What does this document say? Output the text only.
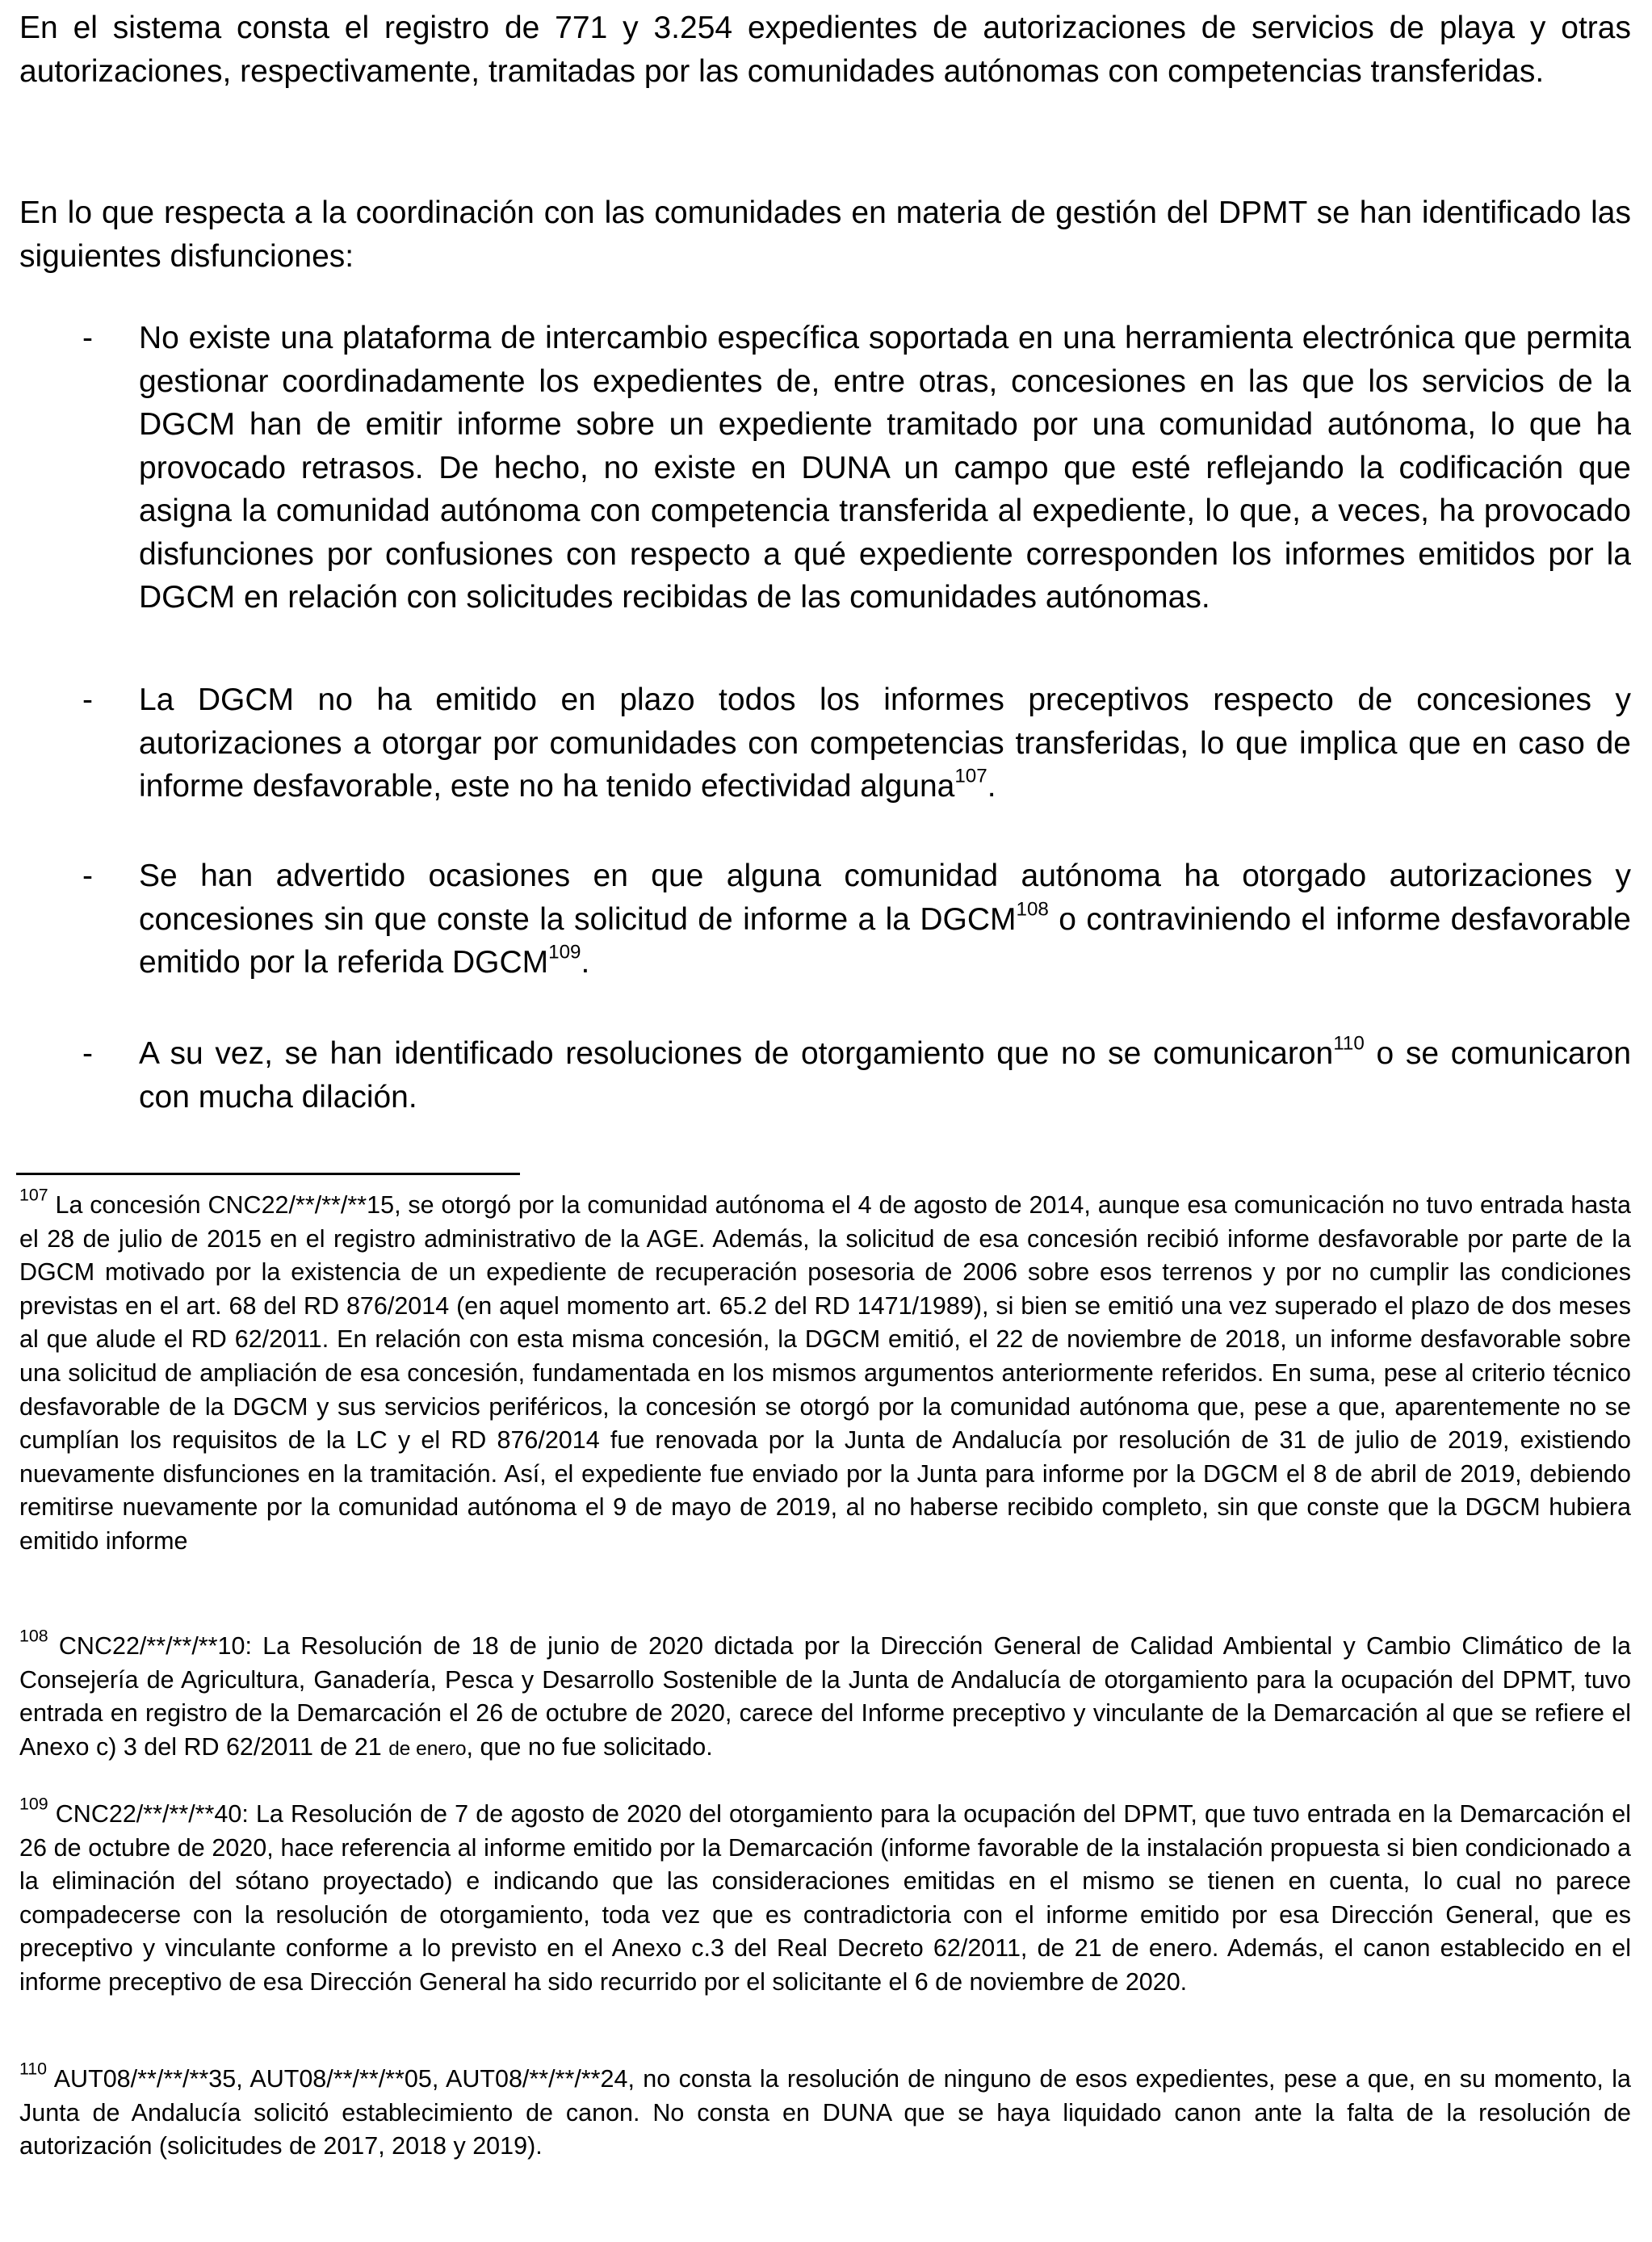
En el sistema consta el registro de 771 y 3.254 expedientes de autorizaciones de servicios de playa y otras autorizaciones, respectivamente, tramitadas por las comunidades autónomas con competencias transferidas.
En lo que respecta a la coordinación con las comunidades en materia de gestión del DPMT se han identificado las siguientes disfunciones:
- No existe una plataforma de intercambio específica soportada en una herramienta electrónica que permita gestionar coordinadamente los expedientes de, entre otras, concesiones en las que los servicios de la DGCM han de emitir informe sobre un expediente tramitado por una comunidad autónoma, lo que ha provocado retrasos. De hecho, no existe en DUNA un campo que esté reflejando la codificación que asigna la comunidad autónoma con competencia transferida al expediente, lo que, a veces, ha provocado disfunciones por confusiones con respecto a qué expediente corresponden los informes emitidos por la DGCM en relación con solicitudes recibidas de las comunidades autónomas.
- La DGCM no ha emitido en plazo todos los informes preceptivos respecto de concesiones y autorizaciones a otorgar por comunidades con competencias transferidas, lo que implica que en caso de informe desfavorable, este no ha tenido efectividad alguna$^{107}$.
- Se han advertido ocasiones en que alguna comunidad autónoma ha otorgado autorizaciones y concesiones sin que conste la solicitud de informe a la DGCM$^{108}$ o contraviniendo el informe desfavorable emitido por la referida DGCM$^{109}$.
- A su vez, se han identificado resoluciones de otorgamiento que no se comunicaron$^{110}$ o se comunicaron con mucha dilación.
$^{107}$ La concesión CNC22/**/**/**15, se otorgó por la comunidad autónoma el 4 de agosto de 2014, aunque esa comunicación no tuvo entrada hasta el 28 de julio de 2015 en el registro administrativo de la AGE. Además, la solicitud de esa concesión recibió informe desfavorable por parte de la DGCM motivado por la existencia de un expediente de recuperación posesoria de 2006 sobre esos terrenos y por no cumplir las condiciones previstas en el art. 68 del RD 876/2014 (en aquel momento art. 65.2 del RD 1471/1989), si bien se emitió una vez superado el plazo de dos meses al que alude el RD 62/2011. En relación con esta misma concesión, la DGCM emitió, el 22 de noviembre de 2018, un informe desfavorable sobre una solicitud de ampliación de esa concesión, fundamentada en los mismos argumentos anteriormente referidos. En suma, pese al criterio técnico desfavorable de la DGCM y sus servicios periféricos, la concesión se otorgó por la comunidad autónoma que, pese a que, aparentemente no se cumplían los requisitos de la LC y el RD 876/2014 fue renovada por la Junta de Andalucía por resolución de 31 de julio de 2019, existiendo nuevamente disfunciones en la tramitación. Así, el expediente fue enviado por la Junta para informe por la DGCM el 8 de abril de 2019, debiendo remitirse nuevamente por la comunidad autónoma el 9 de mayo de 2019, al no haberse recibido completo, sin que conste que la DGCM hubiera emitido informe
$^{108}$ CNC22/**/**/**10: La Resolución de 18 de junio de 2020 dictada por la Dirección General de Calidad Ambiental y Cambio Climático de la Consejería de Agricultura, Ganadería, Pesca y Desarrollo Sostenible de la Junta de Andalucía de otorgamiento para la ocupación del DPMT, tuvo entrada en registro de la Demarcación el 26 de octubre de 2020, carece del Informe preceptivo y vinculante de la Demarcación al que se refiere el Anexo c) 3 del RD 62/2011 de 21 de enero, que no fue solicitado.
$^{109}$ CNC22/**/**/**40: La Resolución de 7 de agosto de 2020 del otorgamiento para la ocupación del DPMT, que tuvo entrada en la Demarcación el 26 de octubre de 2020, hace referencia al informe emitido por la Demarcación (informe favorable de la instalación propuesta si bien condicionado a la eliminación del sótano proyectado) e indicando que las consideraciones emitidas en el mismo se tienen en cuenta, lo cual no parece compadecerse con la resolución de otorgamiento, toda vez que es contradictoria con el informe emitido por esa Dirección General, que es preceptivo y vinculante conforme a lo previsto en el Anexo c.3 del Real Decreto 62/2011, de 21 de enero. Además, el canon establecido en el informe preceptivo de esa Dirección General ha sido recurrido por el solicitante el 6 de noviembre de 2020.
$^{110}$ AUT08/**/**/**35, AUT08/**/**/**05, AUT08/**/**/**24, no consta la resolución de ninguno de esos expedientes, pese a que, en su momento, la Junta de Andalucía solicitó establecimiento de canon. No consta en DUNA que se haya liquidado canon ante la falta de la resolución de autorización (solicitudes de 2017, 2018 y 2019).
